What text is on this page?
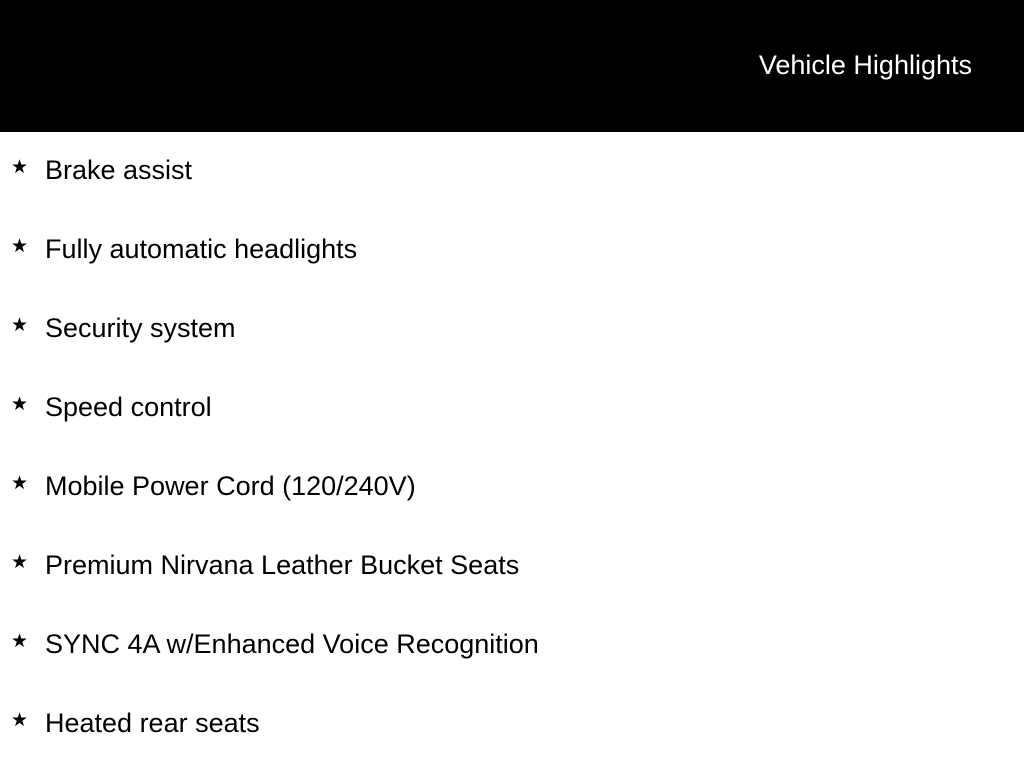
Vehicle Highlights
★ Brake assist
★ Fully automatic headlights
★ Security system
★ Speed control
★ Mobile Power Cord (120/240V)
★ Premium Nirvana Leather Bucket Seats
★ SYNC 4A w/Enhanced Voice Recognition
★ Heated rear seats
